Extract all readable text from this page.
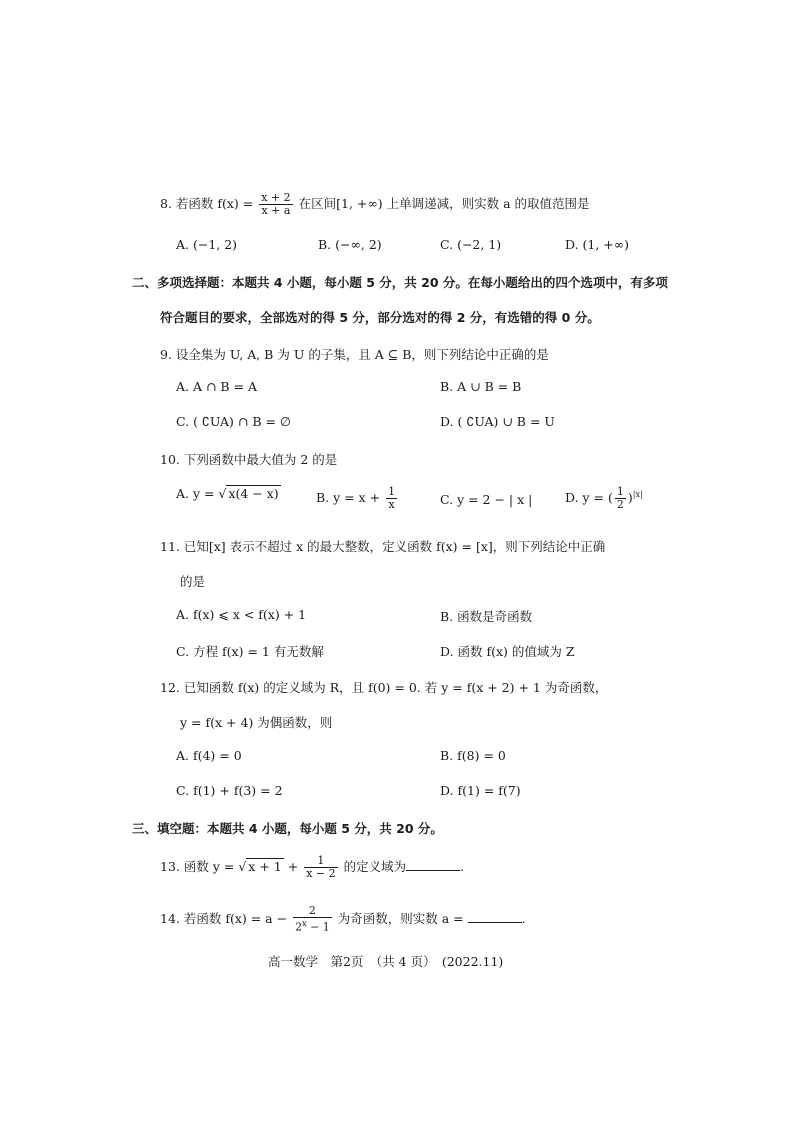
8. 若函数 $f(x) = \frac{x + 2}{x + a}$ 在区间[1, +∞) 上单调递减，则实数 a 的取值范围是
A. (−1, 2)	B. (−∞, 2)	C. (−2, 1)	D. (1, +∞)
二、多项选择题：本题共 4 小题，每小题 5 分，共 20 分。在每小题给出的四个选项中，有多项
符合题目的要求，全部选对的得 5 分，部分选对的得 2 分，有选错的得 0 分。
9. 设全集为 U, A, B 为 U 的子集，且 A ⊆ B，则下列结论中正确的是
A. A ∩ B = A	B. A ∪ B = B
C. ( ∁UA) ∩ B = ∅	D. ( ∁UA) ∪ B = U
10. 下列函数中最大值为 2 的是
A. y = √ x(4 − x)	B. $y = x + \frac{1}{x}$	C. y = 2 − | x |	D. y = ( $\frac{1}{2} )^{|x|}$
11. 已知[x] 表示不超过 x 的最大整数，定义函数 f(x) = [x]，则下列结论中正确
的是
A. f(x) ⩽ x < f(x) + 1	B. 函数是奇函数
C. 方程 f(x) = 1 有无数解	D. 函数 f(x) 的值域为 Z
12. 已知函数 f(x) 的定义域为 R，且 f(0) = 0. 若 y = f(x + 2) + 1 为奇函数，
y = f(x + 4) 为偶函数，则
A. f(4) = 0	B. f(8) = 0
C. f(1) + f(3) = 2	D. f(1) = f(7)
三、填空题：本题共 4 小题，每小题 5 分，共 20 分。
13. 函数 y = √ $x + 1 + \frac{1}{x - 2}$ 的定义域为	.
14. 若函数 $f(x) = a - \frac{2}{2^x - 1}$ 为奇函数，则实数 a =	.
高一数学　第2页　（共 4 页）　(2022.11)
